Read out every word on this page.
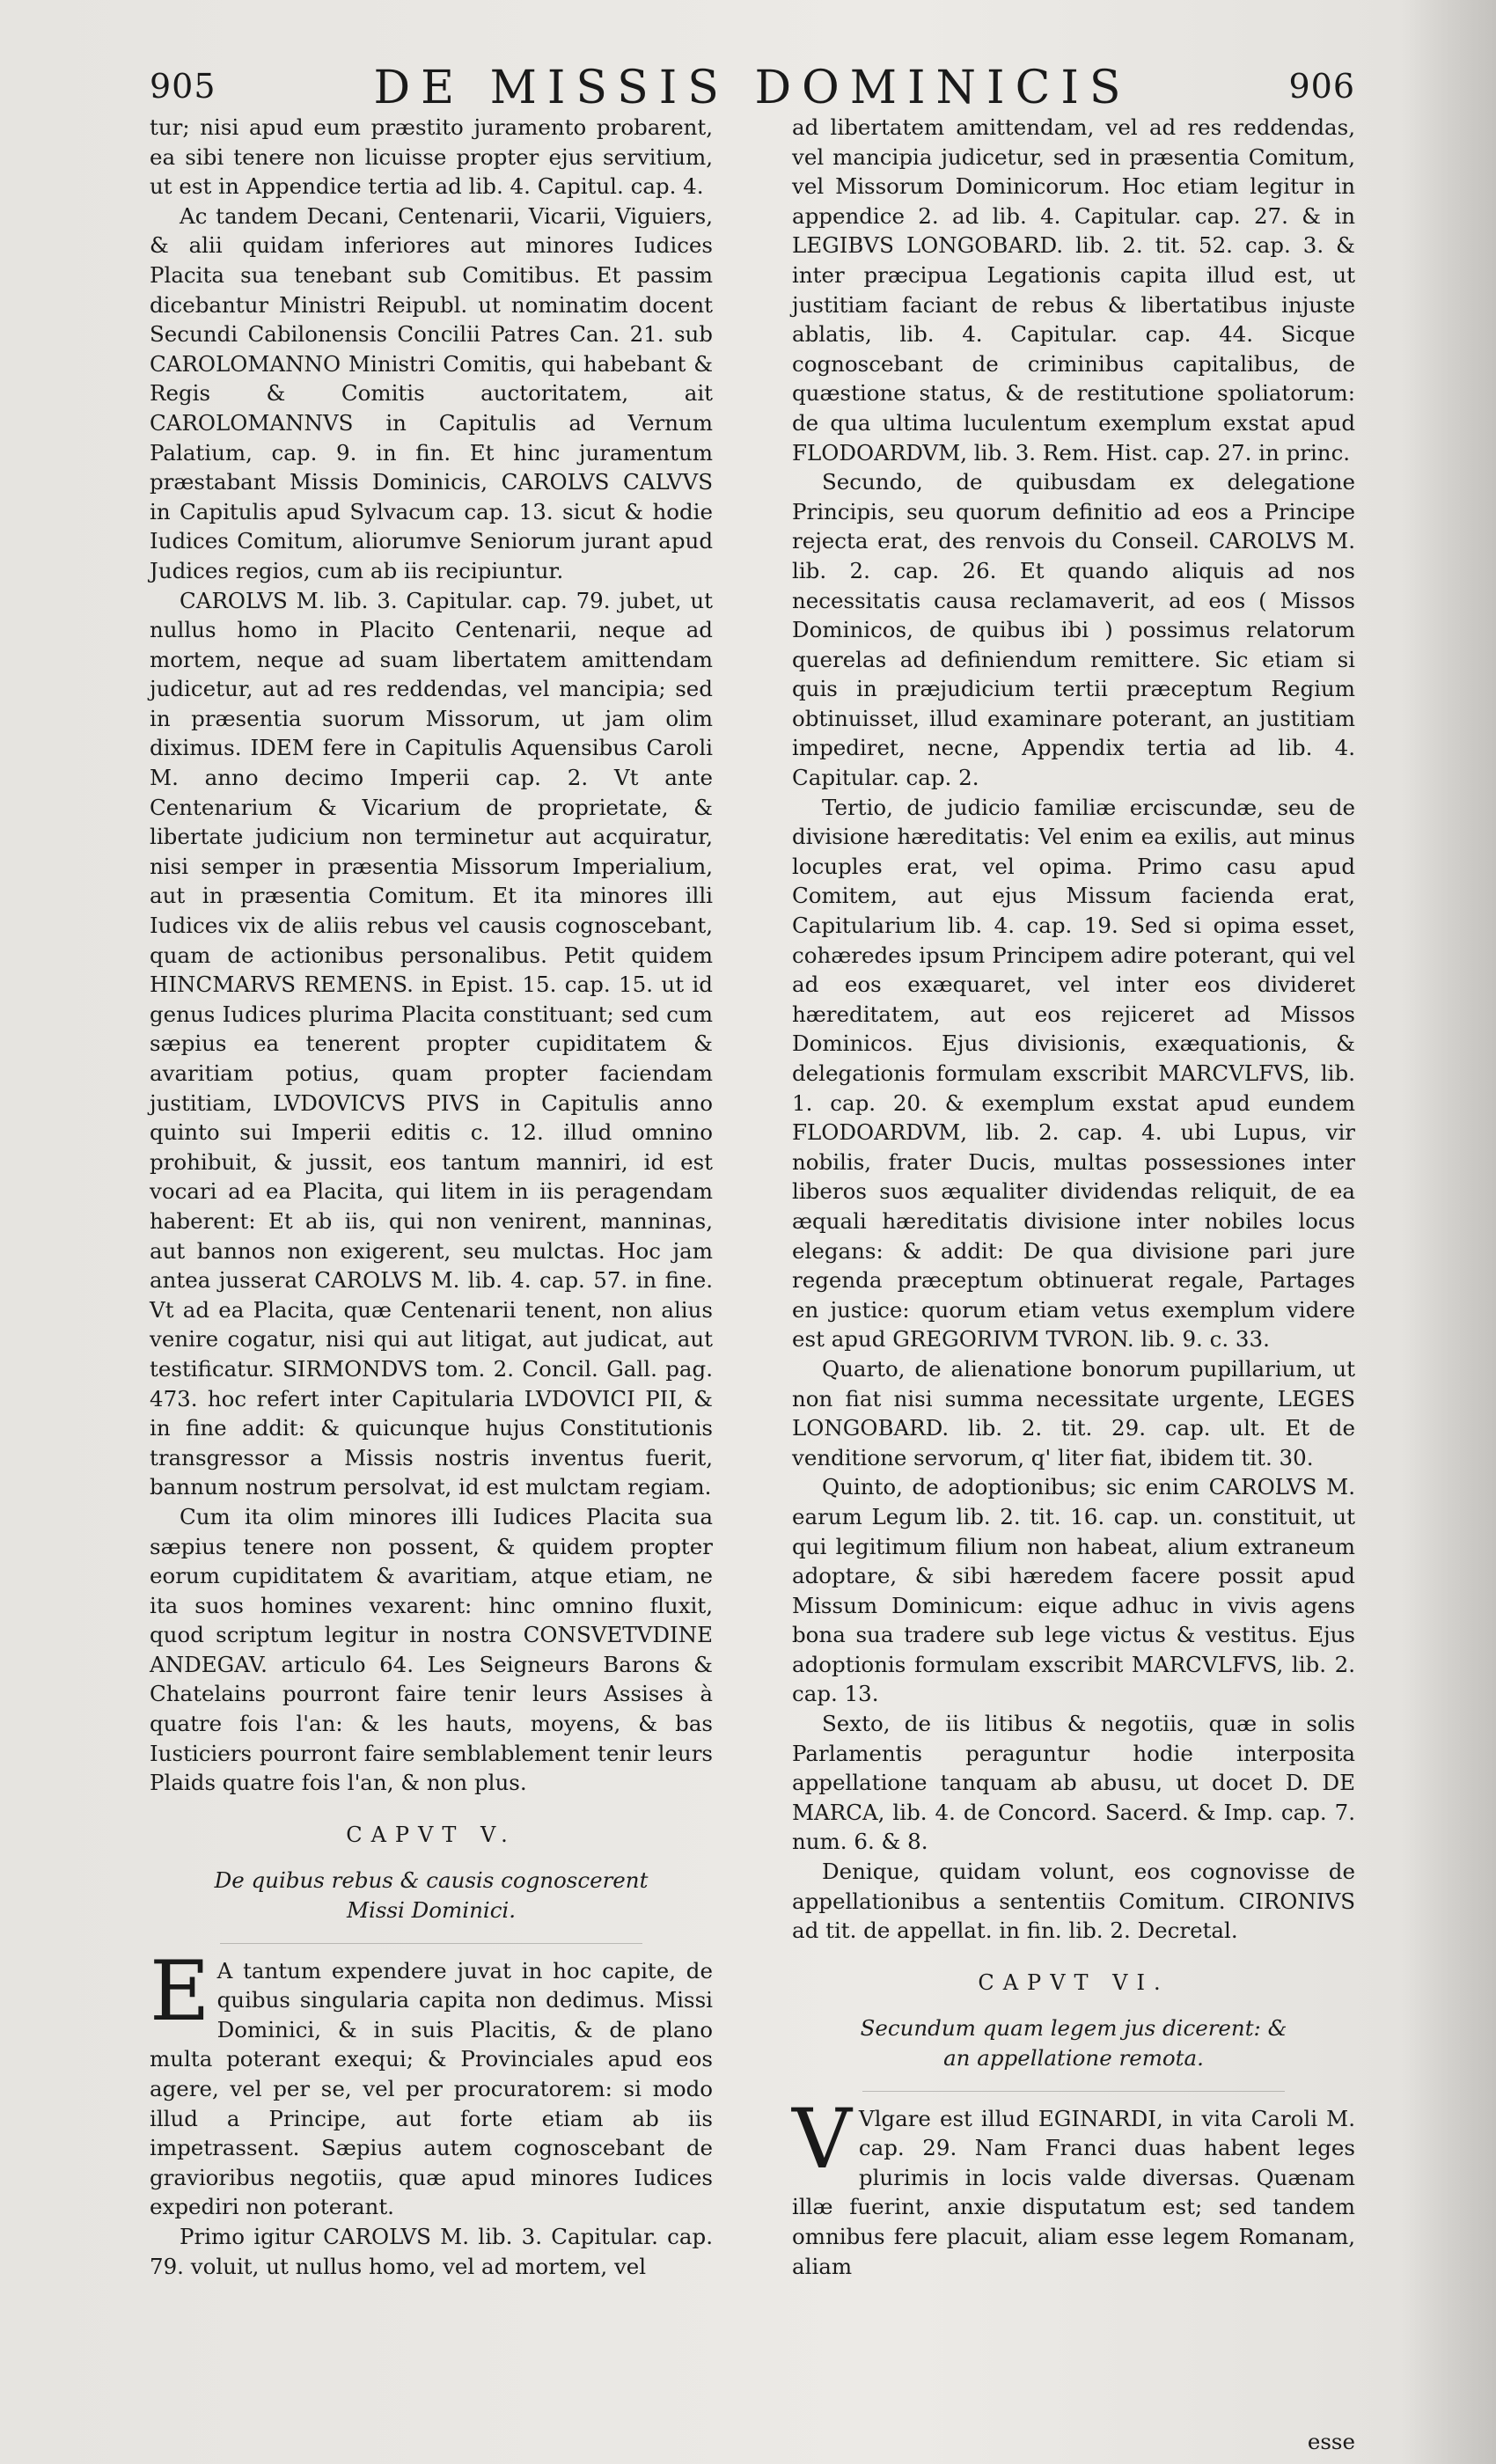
905	DE MISSIS DOMINICIS	906

tur; nisi apud eum præstito juramento probarent, ea sibi tenere non licuisse propter ejus servitium, ut est in Appendice tertia ad lib. 4. Capitul. cap. 4.

Ac tandem Decani, Centenarii, Vicarii, Viguiers, & alii quidam inferiores aut minores Iudices Placita sua tenebant sub Comitibus. Et passim dicebantur Ministri Reipubl. ut nominatim docent Secundi Cabilonensis Concilii Patres Can. 21. sub CAROLOMANNO Ministri Comitis, qui habebant & Regis & Comitis auctoritatem, ait CAROLOMANNVS in Capitulis ad Vernum Palatium, cap. 9. in fin. Et hinc juramentum præstabant Missis Dominicis, CAROLVS CALVVS in Capitulis apud Sylvacum cap. 13. sicut & hodie Iudices Comitum, aliorumve Seniorum jurant apud Judices regios, cum ab iis recipiuntur.

CAROLVS M. lib. 3. Capitular. cap. 79. jubet, ut nullus homo in Placito Centenarii, neque ad mortem, neque ad suam libertatem amittendam judicetur, aut ad res reddendas, vel mancipia; sed in præsentia suorum Missorum, ut jam olim diximus. IDEM fere in Capitulis Aquensibus Caroli M. anno decimo Imperii cap. 2. Vt ante Centenarium & Vicarium de proprietate, & libertate judicium non terminetur aut acquiratur, nisi semper in præsentia Missorum Imperialium, aut in præsentia Comitum. Et ita minores illi Iudices vix de aliis rebus vel causis cognoscebant, quam de actionibus personalibus. Petit quidem HINCMARVS REMENS. in Epist. 15. cap. 15. ut id genus Iudices plurima Placita constituant; sed cum sæpius ea tenerent propter cupiditatem & avaritiam potius, quam propter faciendam justitiam, LVDOVICVS PIVS in Capitulis anno quinto sui Imperii editis c. 12. illud omnino prohibuit, & jussit, eos tantum manniri, id est vocari ad ea Placita, qui litem in iis peragendam haberent: Et ab iis, qui non venirent, manninas, aut bannos non exigerent, seu mulctas. Hoc jam antea jusserat CAROLVS M. lib. 4. cap. 57. in fine. Vt ad ea Placita, quæ Centenarii tenent, non alius venire cogatur, nisi qui aut litigat, aut judicat, aut testificatur. SIRMONDVS tom. 2. Concil. Gall. pag. 473. hoc refert inter Capitularia LVDOVICI PII, & in fine addit: & quicunque hujus Constitutionis transgressor a Missis nostris inventus fuerit, bannum nostrum persolvat, id est mulctam regiam.

Cum ita olim minores illi Iudices Placita sua sæpius tenere non possent, & quidem propter eorum cupiditatem & avaritiam, atque etiam, ne ita suos homines vexarent: hinc omnino fluxit, quod scriptum legitur in nostra CONSVETVDINE ANDEGAV. articulo 64. Les Seigneurs Barons & Chatelains pourront faire tenir leurs Assises à quatre fois l'an: & les hauts, moyens, & bas Iusticiers pourront faire semblablement tenir leurs Plaids quatre fois l'an, & non plus.

CAPVT V.
De quibus rebus & causis cognoscerent Missi Dominici.

E A tantum expendere juvat in hoc capite, de quibus singularia capita non dedimus. Missi Dominici, & in suis Placitis, & de plano multa poterant exequi; & Provinciales apud eos agere, vel per se, vel per procuratorem: si modo illud a Principe, aut forte etiam ab iis impetrassent. Sæpius autem cognoscebant de gravioribus negotiis, quæ apud minores Iudices expediri non poterant.

Primo igitur CAROLVS M. lib. 3. Capitular. cap. 79. voluit, ut nullus homo, vel ad mortem, vel

ad libertatem amittendam, vel ad res reddendas, vel mancipia judicetur, sed in præsentia Comitum, vel Missorum Dominicorum. Hoc etiam legitur in appendice 2. ad lib. 4. Capitular. cap. 27. & in LEGIBVS LONGOBARD. lib. 2. tit. 52. cap. 3. & inter præcipua Legationis capita illud est, ut justitiam faciant de rebus & libertatibus injuste ablatis, lib. 4. Capitular. cap. 44. Sicque cognoscebant de criminibus capitalibus, de quæstione status, & de restitutione spoliatorum: de qua ultima luculentum exemplum exstat apud FLODOARDVM, lib. 3. Rem. Hist. cap. 27. in princ.

Secundo, de quibusdam ex delegatione Principis, seu quorum definitio ad eos a Principe rejecta erat, des renvois du Conseil. CAROLVS M. lib. 2. cap. 26. Et quando aliquis ad nos necessitatis causa reclamaverit, ad eos ( Missos Dominicos, de quibus ibi ) possimus relatorum querelas ad definiendum remittere. Sic etiam si quis in præjudicium tertii præceptum Regium obtinuisset, illud examinare poterant, an justitiam impediret, necne, Appendix tertia ad lib. 4. Capitular. cap. 2.

Tertio, de judicio familiæ erciscundæ, seu de divisione hæreditatis: Vel enim ea exilis, aut minus locuples erat, vel opima. Primo casu apud Comitem, aut ejus Missum facienda erat, Capitularium lib. 4. cap. 19. Sed si opima esset, cohæredes ipsum Principem adire poterant, qui vel ad eos exæquaret, vel inter eos divideret hæreditatem, aut eos rejiceret ad Missos Dominicos. Ejus divisionis, exæquationis, & delegationis formulam exscribit MARCVLFVS, lib. 1. cap. 20. & exemplum exstat apud eundem FLODOARDVM, lib. 2. cap. 4. ubi Lupus, vir nobilis, frater Ducis, multas possessiones inter liberos suos æqualiter dividendas reliquit, de ea æquali hæreditatis divisione inter nobiles locus elegans: & addit: De qua divisione pari jure regenda præceptum obtinuerat regale, Partages en justice: quorum etiam vetus exemplum videre est apud GREGORIVM TVRON. lib. 9. c. 33.

Quarto, de alienatione bonorum pupillarium, ut non fiat nisi summa necessitate urgente, LEGES LONGOBARD. lib. 2. tit. 29. cap. ult. Et de venditione servorum, q' liter fiat, ibidem tit. 30.

Quinto, de adoptionibus; sic enim CAROLVS M. earum Legum lib. 2. tit. 16. cap. un. constituit, ut qui legitimum filium non habeat, alium extraneum adoptare, & sibi hæredem facere possit apud Missum Dominicum: eique adhuc in vivis agens bona sua tradere sub lege victus & vestitus. Ejus adoptionis formulam exscribit MARCVLFVS, lib. 2. cap. 13.

Sexto, de iis litibus & negotiis, quæ in solis Parlamentis peraguntur hodie interposita appellatione tanquam ab abusu, ut docet D. DE MARCA, lib. 4. de Concord. Sacerd. & Imp. cap. 7. num. 6. & 8.

Denique, quidam volunt, eos cognovisse de appellationibus a sententiis Comitum. CIRONIVS ad tit. de appellat. in fin. lib. 2. Decretal.

CAPVT VI.
Secundum quam legem jus dicerent: & an appellatione remota.

V Vlgare est illud EGINARDI, in vita Caroli M. cap. 29. Nam Franci duas habent leges plurimis in locis valde diversas. Quænam illæ fuerint, anxie disputatum est; sed tandem omnibus fere placuit, aliam esse legem Romanam, aliam

esse
